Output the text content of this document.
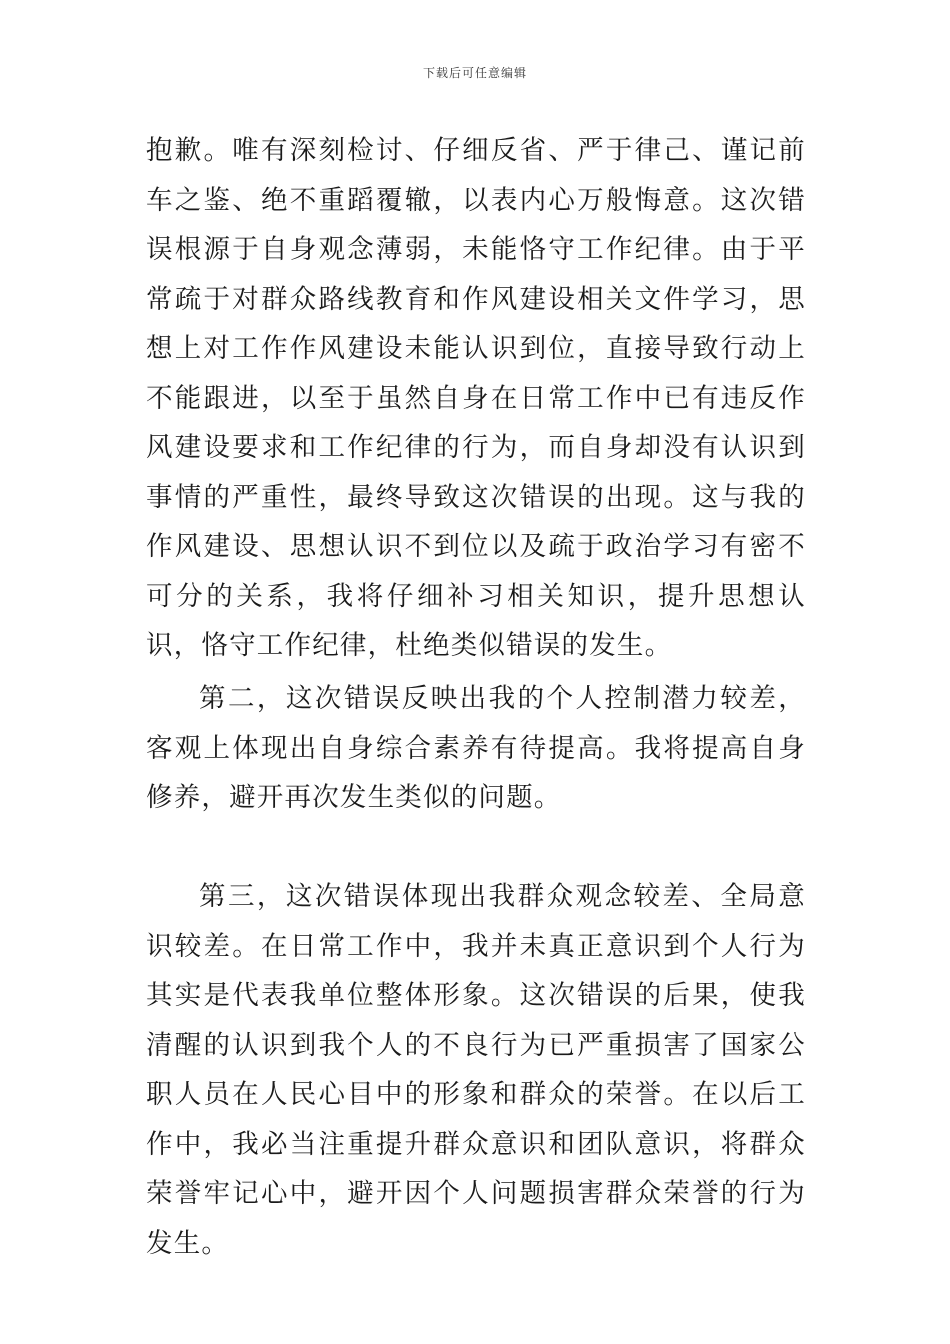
下载后可任意编辑

抱歉。唯有深刻检讨、仔细反省、严于律己、谨记前车之鉴、绝不重蹈覆辙，以表内心万般悔意。这次错误根源于自身观念薄弱，未能恪守工作纪律。由于平常疏于对群众路线教育和作风建设相关文件学习，思想上对工作作风建设未能认识到位，直接导致行动上不能跟进，以至于虽然自身在日常工作中已有违反作风建设要求和工作纪律的行为，而自身却没有认识到事情的严重性，最终导致这次错误的出现。这与我的作风建设、思想认识不到位以及疏于政治学习有密不可分的关系，我将仔细补习相关知识，提升思想认识，恪守工作纪律，杜绝类似错误的发生。

第二，这次错误反映出我的个人控制潜力较差，客观上体现出自身综合素养有待提高。我将提高自身修养，避开再次发生类似的问题。

第三，这次错误体现出我群众观念较差、全局意识较差。在日常工作中，我并未真正意识到个人行为其实是代表我单位整体形象。这次错误的后果，使我清醒的认识到我个人的不良行为已严重损害了国家公职人员在人民心目中的形象和群众的荣誉。在以后工作中，我必当注重提升群众意识和团队意识，将群众荣誉牢记心中，避开因个人问题损害群众荣誉的行为发生。
